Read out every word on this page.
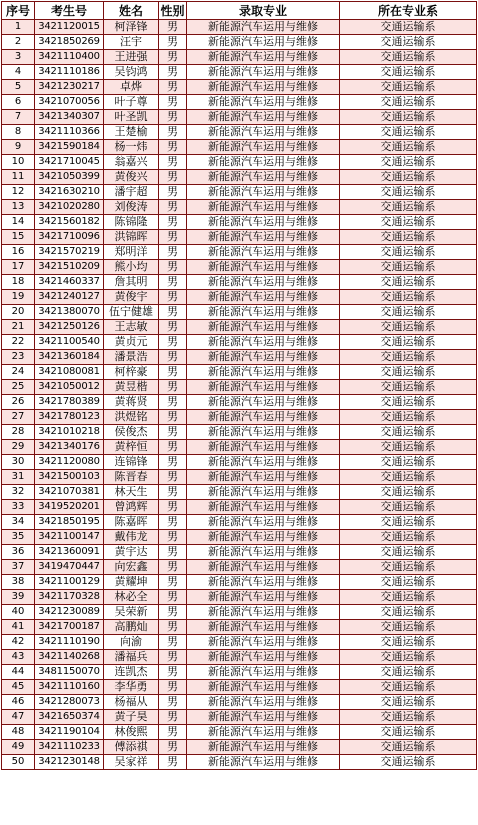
序号	考生号	姓名	性别	录取专业	所在专业系
1	3421120015	柯泽锋	男	新能源汽车运用与维修	交通运输系
2	3421850269	汪宇	男	新能源汽车运用与维修	交通运输系
3	3421110400	王进强	男	新能源汽车运用与维修	交通运输系
4	3421110186	吴钧鸿	男	新能源汽车运用与维修	交通运输系
5	3421230217	卓烨	男	新能源汽车运用与维修	交通运输系
6	3421070056	叶子尊	男	新能源汽车运用与维修	交通运输系
7	3421340307	叶圣凯	男	新能源汽车运用与维修	交通运输系
8	3421110366	王楚榆	男	新能源汽车运用与维修	交通运输系
9	3421590184	杨一炜	男	新能源汽车运用与维修	交通运输系
10	3421710045	翁嘉兴	男	新能源汽车运用与维修	交通运输系
11	3421050399	黄俊兴	男	新能源汽车运用与维修	交通运输系
12	3421630210	潘宇超	男	新能源汽车运用与维修	交通运输系
13	3421020280	刘俊涛	男	新能源汽车运用与维修	交通运输系
14	3421560182	陈锦隆	男	新能源汽车运用与维修	交通运输系
15	3421710096	洪锦晖	男	新能源汽车运用与维修	交通运输系
16	3421570219	郑明洋	男	新能源汽车运用与维修	交通运输系
17	3421510209	熊小均	男	新能源汽车运用与维修	交通运输系
18	3421460337	詹其明	男	新能源汽车运用与维修	交通运输系
19	3421240127	黄俊宇	男	新能源汽车运用与维修	交通运输系
20	3421380070	伍宁健雄	男	新能源汽车运用与维修	交通运输系
21	3421250126	王志敏	男	新能源汽车运用与维修	交通运输系
22	3421100540	黄贞元	男	新能源汽车运用与维修	交通运输系
23	3421360184	潘景浩	男	新能源汽车运用与维修	交通运输系
24	3421080081	柯梓豪	男	新能源汽车运用与维修	交通运输系
25	3421050012	黄昱楷	男	新能源汽车运用与维修	交通运输系
26	3421780389	黄蒋贤	男	新能源汽车运用与维修	交通运输系
27	3421780123	洪煜铭	男	新能源汽车运用与维修	交通运输系
28	3421010218	侯俊杰	男	新能源汽车运用与维修	交通运输系
29	3421340176	黄梓恒	男	新能源汽车运用与维修	交通运输系
30	3421120080	连锦锋	男	新能源汽车运用与维修	交通运输系
31	3421500103	陈晋春	男	新能源汽车运用与维修	交通运输系
32	3421070381	林天生	男	新能源汽车运用与维修	交通运输系
33	3419520201	曾鸿辉	男	新能源汽车运用与维修	交通运输系
34	3421850195	陈嘉晖	男	新能源汽车运用与维修	交通运输系
35	3421100147	戴伟龙	男	新能源汽车运用与维修	交通运输系
36	3421360091	黄宇达	男	新能源汽车运用与维修	交通运输系
37	3419470447	向宏鑫	男	新能源汽车运用与维修	交通运输系
38	3421100129	黄耀坤	男	新能源汽车运用与维修	交通运输系
39	3421170328	林必全	男	新能源汽车运用与维修	交通运输系
40	3421230089	吴荣新	男	新能源汽车运用与维修	交通运输系
41	3421700187	高鹏灿	男	新能源汽车运用与维修	交通运输系
42	3421110190	向渝	男	新能源汽车运用与维修	交通运输系
43	3421140268	潘福兵	男	新能源汽车运用与维修	交通运输系
44	3481150070	连凯杰	男	新能源汽车运用与维修	交通运输系
45	3421110160	李华勇	男	新能源汽车运用与维修	交通运输系
46	3421280073	杨福从	男	新能源汽车运用与维修	交通运输系
47	3421650374	黄子昊	男	新能源汽车运用与维修	交通运输系
48	3421190104	林俊熙	男	新能源汽车运用与维修	交通运输系
49	3421110233	傅添祺	男	新能源汽车运用与维修	交通运输系
50	3421230148	吴家祥	男	新能源汽车运用与维修	交通运输系
